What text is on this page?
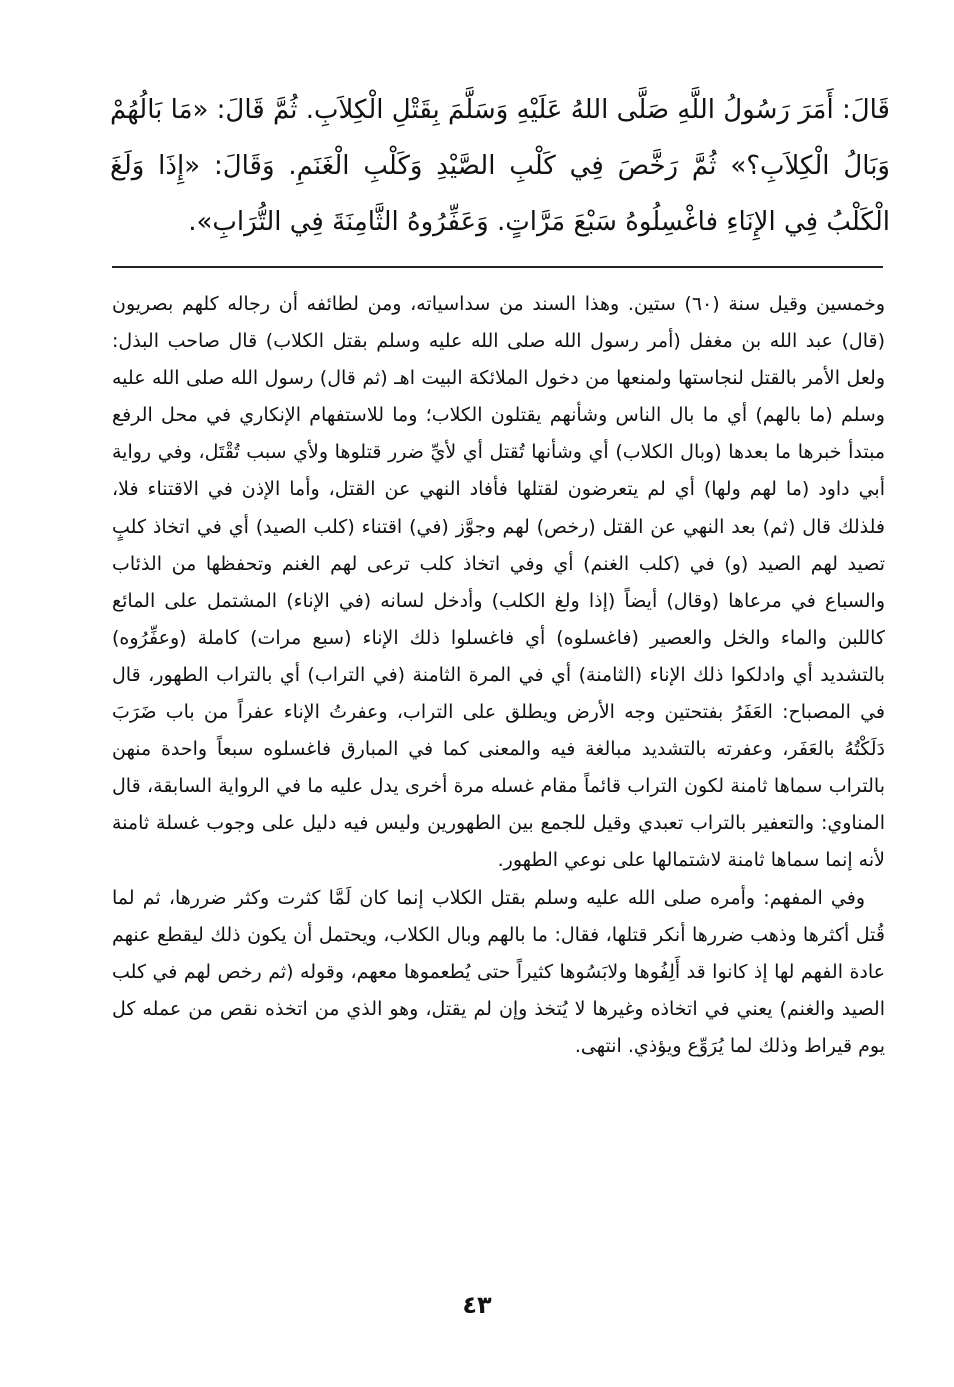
قَالَ: أَمَرَ رَسُولُ اللَّهِ صَلَّى اللهُ عَلَيْهِ وَسَلَّمَ بِقَتْلِ الْكِلاَبِ. ثُمَّ قَالَ: «مَا بَالُهُمْ وَبَالُ الْكِلاَبِ؟» ثُمَّ رَخَّصَ فِي كَلْبِ الصَّيْدِ وَكَلْبِ الْغَنَمِ. وَقَالَ: «إِذَا وَلَغَ الْكَلْبُ فِي الإِنَاءِ فاغْسِلُوهُ سَبْعَ مَرَّاتٍ. وَعَفِّرُوهُ الثَّامِنَةَ فِي التُّرَابِ».

وخمسين وقيل سنة (٦٠) ستين. وهذا السند من سداسياته، ومن لطائفه أن رجاله كلهم بصريون (قال) عبد الله بن مغفل (أمر رسول الله صلى الله عليه وسلم بقتل الكلاب) قال صاحب البذل: ولعل الأمر بالقتل لنجاستها ولمنعها من دخول الملائكة البيت اهـ (ثم قال) رسول الله صلى الله عليه وسلم (ما بالهم) أي ما بال الناس وشأنهم يقتلون الكلاب؛ وما للاستفهام الإنكاري في محل الرفع مبتدأ خبرها ما بعدها (وبال الكلاب) أي وشأنها تُقتل أي لأيِّ ضرر قتلوها ولأي سبب تُقْتَل، وفي رواية أبي داود (ما لهم ولها) أي لم يتعرضون لقتلها فأفاد النهي عن القتل، وأما الإذن في الاقتناء فلا، فلذلك قال (ثم) بعد النهي عن القتل (رخص) لهم وجوَّز (في) اقتناء (كلب الصيد) أي في اتخاذ كلبٍ تصيد لهم الصيد (و) في (كلب الغنم) أي وفي اتخاذ كلب ترعى لهم الغنم وتحفظها من الذئاب والسباع في مرعاها (وقال) أيضاً (إذا ولغ الكلب) وأدخل لسانه (في الإناء) المشتمل على المائع كاللبن والماء والخل والعصير (فاغسلوه) أي فاغسلوا ذلك الإناء (سبع مرات) كاملة (وعفِّرُوه) بالتشديد أي وادلكوا ذلك الإناء (الثامنة) أي في المرة الثامنة (في التراب) أي بالتراب الطهور، قال في المصباح: العَفَرُ بفتحتين وجه الأرض ويطلق على التراب، وعفرتُ الإناء عفراً من باب ضَرَبَ دَلَكْتُهُ بالعَفَر، وعفرته بالتشديد مبالغة فيه والمعنى كما في المبارق فاغسلوه سبعاً واحدة منهن بالتراب سماها ثامنة لكون التراب قائماً مقام غسله مرة أخرى يدل عليه ما في الرواية السابقة، قال المناوي: والتعفير بالتراب تعبدي وقيل للجمع بين الطهورين وليس فيه دليل على وجوب غسلة ثامنة لأنه إنما سماها ثامنة لاشتمالها على نوعي الطهور.

وفي المفهم: وأمره صلى الله عليه وسلم بقتل الكلاب إنما كان لَمَّا كثرت وكثر ضررها، ثم لما قُتل أكثرها وذهب ضررها أنكر قتلها، فقال: ما بالهم وبال الكلاب، ويحتمل أن يكون ذلك ليقطع عنهم عادة الفهم لها إذ كانوا قد أَلِفُوها ولابَسُوها كثيراً حتى يُطعموها معهم، وقوله (ثم رخص لهم في كلب الصيد والغنم) يعني في اتخاذه وغيرها لا يُتخذ وإن لم يقتل، وهو الذي من اتخذه نقص من عمله كل يوم قيراط وذلك لما يُرَوِّع ويؤذي. انتهى.

٤٣
